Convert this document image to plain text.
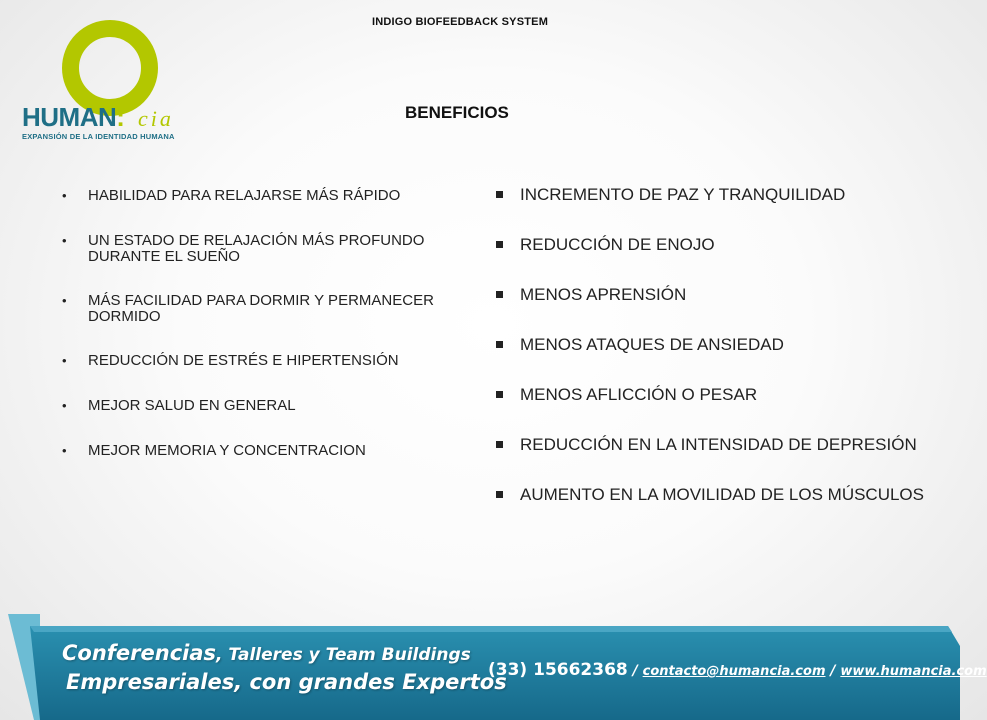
INDIGO BIOFEEDBACK SYSTEM
HUMAN: cia
EXPANSIÓN DE LA IDENTIDAD HUMANA
BENEFICIOS
• HABILIDAD PARA RELAJARSE MÁS RÁPIDO
• UN ESTADO DE RELAJACIÓN MÁS PROFUNDO DURANTE EL SUEÑO
• MÁS FACILIDAD PARA DORMIR Y PERMANECER DORMIDO
• REDUCCIÓN DE ESTRÉS E HIPERTENSIÓN
• MEJOR SALUD EN GENERAL
• MEJOR MEMORIA Y CONCENTRACION
INCREMENTO DE PAZ Y TRANQUILIDAD
REDUCCIÓN DE ENOJO
MENOS APRENSIÓN
MENOS ATAQUES DE ANSIEDAD
MENOS AFLICCIÓN O PESAR
REDUCCIÓN EN LA INTENSIDAD DE DEPRESIÓN
AUMENTO EN LA MOVILIDAD DE LOS MÚSCULOS
Conferencias, Talleres y Team Buildings
Empresariales, con grandes Expertos
(33) 15662368 / contacto@humancia.com / www.humancia.com
